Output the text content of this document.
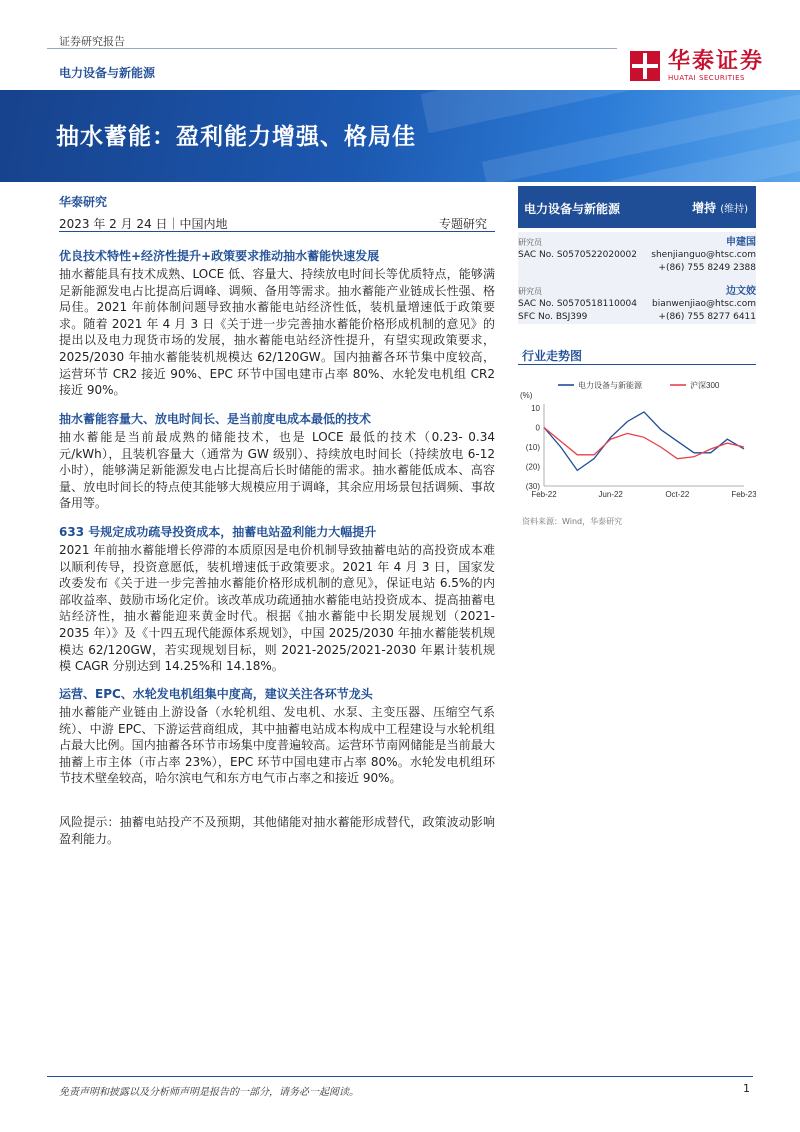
证券研究报告
电力设备与新能源	华泰证券
HUATAI SECURITIES
抽水蓄能：盈利能力增强、格局佳
华泰研究
2023 年 2 月 24 日｜中国内地	专题研究
优良技术特性+经济性提升+政策要求推动抽水蓄能快速发展
抽水蓄能具有技术成熟、LOCE 低、容量大、持续放电时间长等优质特点，能够满足新能源发电占比提高后调峰、调频、备用等需求。抽水蓄能产业链成长性强、格局佳。2021 年前体制问题导致抽水蓄能电站经济性低，装机量增速低于政策要求。随着 2021 年 4 月 3 日《关于进一步完善抽水蓄能价格形成机制的意见》的提出以及电力现货市场的发展，抽水蓄能电站经济性提升，有望实现政策要求，2025/2030 年抽水蓄能装机规模达 62/120GW。国内抽蓄各环节集中度较高，运营环节 CR2 接近 90%、EPC 环节中国电建市占率 80%、水轮发电机组 CR2 接近 90%。
抽水蓄能容量大、放电时间长、是当前度电成本最低的技术
抽水蓄能是当前最成熟的储能技术，也是 LOCE 最低的技术（0.23- 0.34 元/kWh），且装机容量大（通常为 GW 级别）、持续放电时间长（持续放电 6-12 小时），能够满足新能源发电占比提高后长时储能的需求。抽水蓄能低成本、高容量、放电时间长的特点使其能够大规模应用于调峰，其余应用场景包括调频、事故备用等。
633 号规定成功疏导投资成本，抽蓄电站盈利能力大幅提升
2021 年前抽水蓄能增长停滞的本质原因是电价机制导致抽蓄电站的高投资成本难以顺利传导，投资意愿低，装机增速低于政策要求。2021 年 4 月 3 日，国家发改委发布《关于进一步完善抽水蓄能价格形成机制的意见》，保证电站 6.5%的内部收益率、鼓励市场化定价。该改革成功疏通抽水蓄能电站投资成本、提高抽蓄电站经济性，抽水蓄能迎来黄金时代。根据《抽水蓄能中长期发展规划（2021-2035 年）》及《十四五现代能源体系规划》，中国 2025/2030 年抽水蓄能装机规模达 62/120GW，若实现规划目标，则 2021-2025/2021-2030 年累计装机规模 CAGR 分别达到 14.25%和 14.18%。
运营、EPC、水轮发电机组集中度高，建议关注各环节龙头
抽水蓄能产业链由上游设备（水轮机组、发电机、水泵、主变压器、压缩空气系统）、中游 EPC、下游运营商组成，其中抽蓄电站成本构成中工程建设与水轮机组占最大比例。国内抽蓄各环节市场集中度普遍较高。运营环节南网储能是当前最大抽蓄上市主体（市占率 23%），EPC 环节中国电建市占率 80%。水轮发电机组环节技术壁垒较高，哈尔滨电气和东方电气市占率之和接近 90%。
风险提示：抽蓄电站投产不及预期，其他储能对抽水蓄能形成替代，政策波动影响盈利能力。
电力设备与新能源	增持 (维持)
研究员	申建国
SAC No. S0570522020002 shenjianguo@htsc.com
+(86) 755 8249 2388
研究员	边文姣
SAC No. S0570518110004 bianwenjiao@htsc.com
SFC No. BSJ399	+(86) 755 8277 6411
行业走势图
(%)
10
0
(10)
(20)
(30)
Feb-22	Jun-22	Oct-22	Feb-23
电力设备与新能源	沪深300
资料来源：Wind，华泰研究
免责声明和披露以及分析师声明是报告的一部分，请务必一起阅读。	1
